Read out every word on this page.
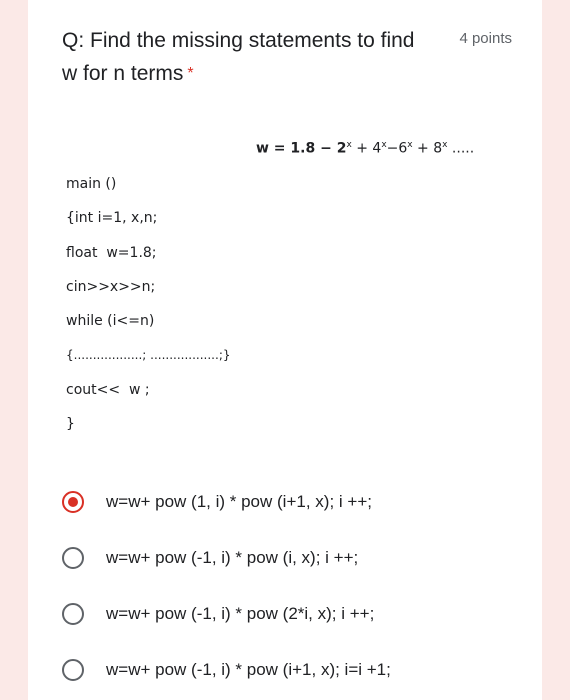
Q: Find the missing statements to find w for n terms *
4 points
$w = 1.8 - 2^x + 4^x-6^x + 8^x$ .....
main ()
{int i=1, x,n;
float  w=1.8;
cin>>x>>n;
while (i<=n)
{..................; ..................;}
cout<<  w ;
}
w=w+ pow (1, i) * pow (i+1, x); i ++;
w=w+ pow (-1, i) * pow (i, x); i ++;
w=w+ pow (-1, i) * pow (2*i, x); i ++;
w=w+ pow (-1, i) * pow (i+1, x); i=i +1;
